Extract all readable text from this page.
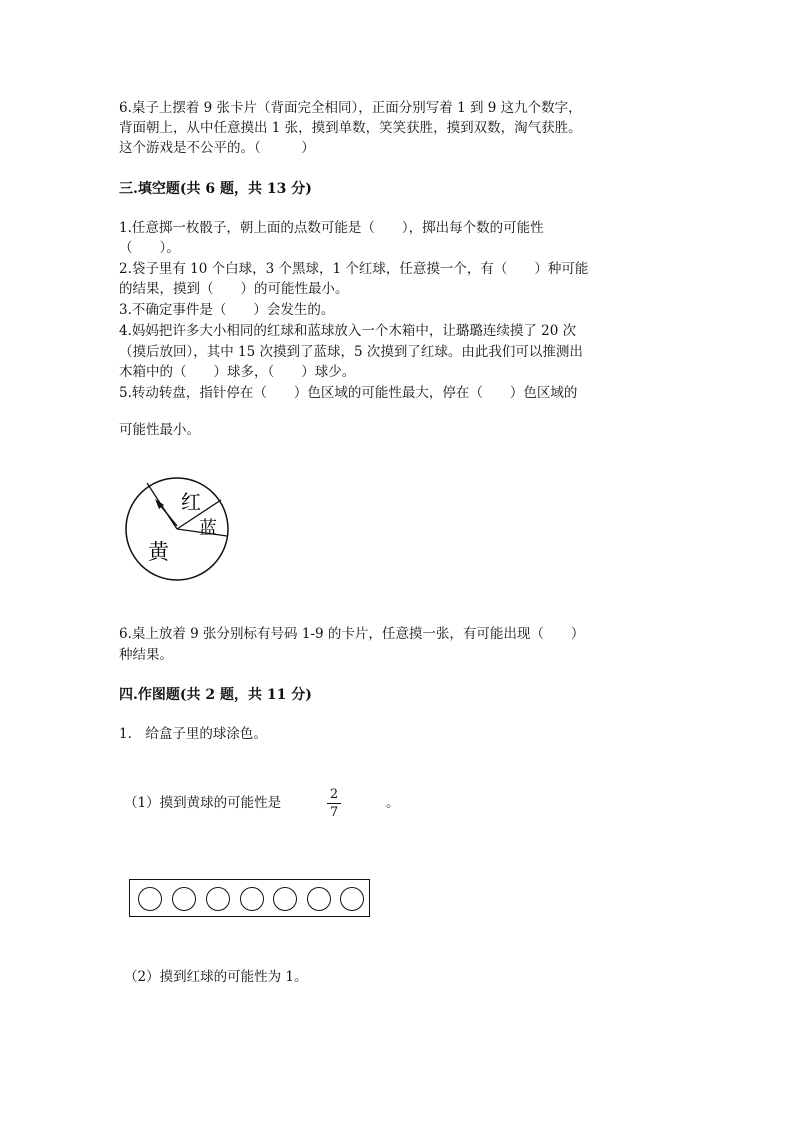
6.桌子上摆着 9 张卡片（背面完全相同），正面分别写着 1 到 9 这九个数字，
背面朝上，从中任意摸出 1 张，摸到单数，笑笑获胜，摸到双数，淘气获胜。
这个游戏是不公平的。（　　　）
三.填空题(共 6 题，共 13 分)
1.任意掷一枚骰子，朝上面的点数可能是（　　），掷出每个数的可能性
（　　）。
2.袋子里有 10 个白球，3 个黑球，1 个红球，任意摸一个，有（　　）种可能
的结果，摸到（　　）的可能性最小。
3.不确定事件是（　　）会发生的。
4.妈妈把许多大小相同的红球和蓝球放入一个木箱中，让璐璐连续摸了 20 次
（摸后放回），其中 15 次摸到了蓝球，5 次摸到了红球。由此我们可以推测出
木箱中的（　　）球多，（　　）球少。
5.转动转盘，指针停在（　　）色区域的可能性最大，停在（　　）色区域的
可能性最小。
红
蓝
黄
6.桌上放着 9 张分别标有号码 1-9 的卡片，任意摸一张，有可能出现（　　）
种结果。
四.作图题(共 2 题，共 11 分)
1.　给盒子里的球涂色。
（1）摸到黄球的可能性是
2
7
。
（2）摸到红球的可能性为 1。
